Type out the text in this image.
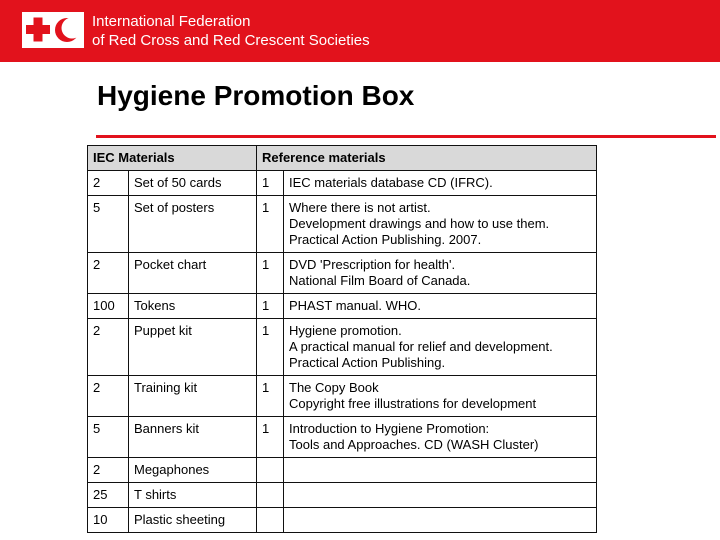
International Federation
of Red Cross and Red Crescent Societies
Hygiene Promotion Box
IEC Materials		Reference materials	
2	Set of 50 cards	1	IEC materials database CD (IFRC).

5	Set of posters	1	Where there is not artist.
Development drawings and how to use them.
Practical Action Publishing. 2007.

2	Pocket chart	1	DVD 'Prescription for health'.
National Film Board of Canada.

100	Tokens	1	PHAST manual. WHO.

2	Puppet kit	1	Hygiene promotion.
A practical manual for relief and development.
Practical Action Publishing.

2	Training kit	1	The Copy Book
Copyright free illustrations for development

5	Banners kit	1	Introduction to Hygiene Promotion:
Tools and Approaches. CD (WASH Cluster)

2	Megaphones		
25	T shirts		
10	Plastic sheeting		
